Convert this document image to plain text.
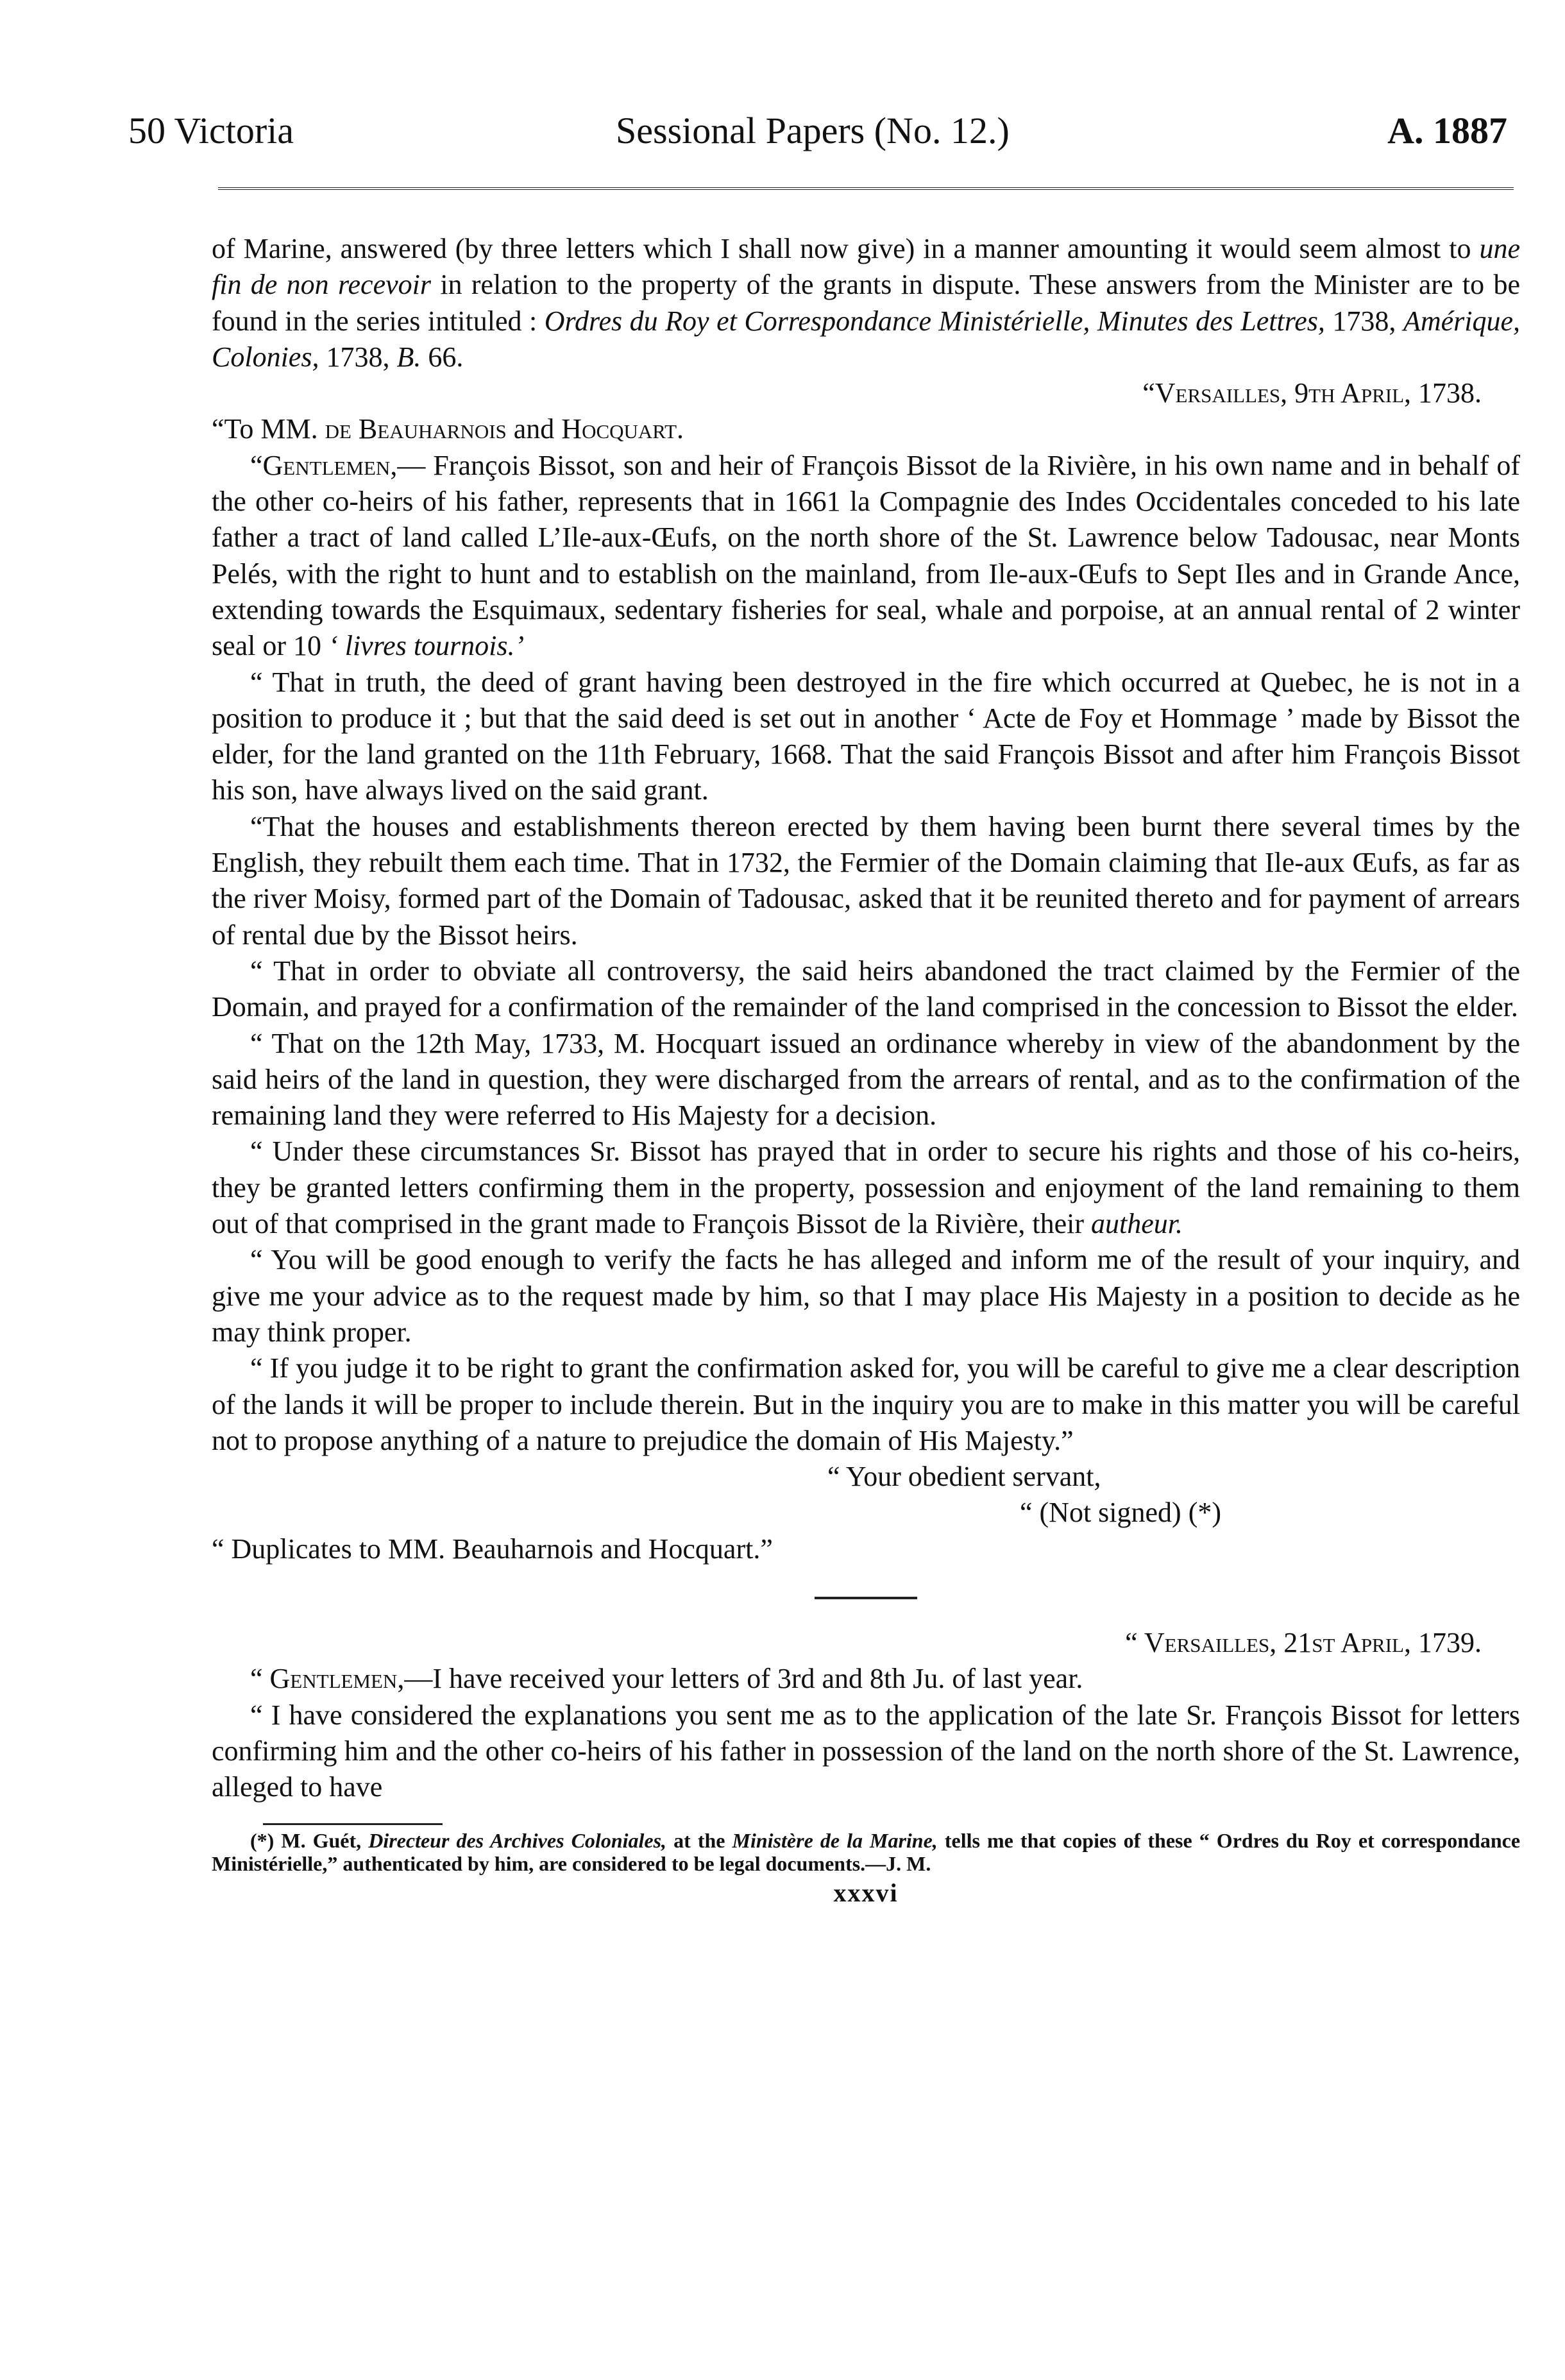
50 Victoria	Sessional Papers (No. 12.)	A. 1887

of Marine, answered (by three letters which I shall now give) in a manner amounting it would seem almost to une fin de non recevoir in relation to the property of the grants in dispute. These answers from the Minister are to be found in the series intituled : Ordres du Roy et Correspondance Ministérielle, Minutes des Lettres, 1738, Amérique, Colonies, 1738, B. 66.

“Versailles, 9th April, 1738.

“To MM. de Beauharnois and Hocquart.

“Gentlemen,— François Bissot, son and heir of François Bissot de la Rivière, in his own name and in behalf of the other co-heirs of his father, represents that in 1661 la Compagnie des Indes Occidentales conceded to his late father a tract of land called L’Ile-aux-Œufs, on the north shore of the St. Lawrence below Tadousac, near Monts Pelés, with the right to hunt and to establish on the mainland, from Ile-aux-Œufs to Sept Iles and in Grande Ance, extending towards the Esquimaux, sedentary fisheries for seal, whale and porpoise, at an annual rental of 2 winter seal or 10 ‘ livres tournois.’

“ That in truth, the deed of grant having been destroyed in the fire which occurred at Quebec, he is not in a position to produce it ; but that the said deed is set out in another ‘ Acte de Foy et Hommage ’ made by Bissot the elder, for the land granted on the 11th February, 1668. That the said François Bissot and after him François Bissot his son, have always lived on the said grant.

“That the houses and establishments thereon erected by them having been burnt there several times by the English, they rebuilt them each time. That in 1732, the Fermier of the Domain claiming that Ile-aux Œufs, as far as the river Moisy, formed part of the Domain of Tadousac, asked that it be reunited thereto and for payment of arrears of rental due by the Bissot heirs.

“ That in order to obviate all controversy, the said heirs abandoned the tract claimed by the Fermier of the Domain, and prayed for a confirmation of the remainder of the land comprised in the concession to Bissot the elder.

“ That on the 12th May, 1733, M. Hocquart issued an ordinance whereby in view of the abandonment by the said heirs of the land in question, they were discharged from the arrears of rental, and as to the confirmation of the remaining land they were referred to His Majesty for a decision.

“ Under these circumstances Sr. Bissot has prayed that in order to secure his rights and those of his co-heirs, they be granted letters confirming them in the property, possession and enjoyment of the land remaining to them out of that comprised in the grant made to François Bissot de la Rivière, their autheur.

“ You will be good enough to verify the facts he has alleged and inform me of the result of your inquiry, and give me your advice as to the request made by him, so that I may place His Majesty in a position to decide as he may think proper.

“ If you judge it to be right to grant the confirmation asked for, you will be careful to give me a clear description of the lands it will be proper to include therein. But in the inquiry you are to make in this matter you will be careful not to propose anything of a nature to prejudice the domain of His Majesty.”

“ Your obedient servant,

“ (Not signed) (*)

“ Duplicates to MM. Beauharnois and Hocquart.”

“ Versailles, 21st April, 1739.

“ Gentlemen,—I have received your letters of 3rd and 8th Ju. of last year.

“ I have considered the explanations you sent me as to the application of the late Sr. François Bissot for letters confirming him and the other co-heirs of his father in possession of the land on the north shore of the St. Lawrence, alleged to have

(*) M. Guét, Directeur des Archives Coloniales, at the Ministère de la Marine, tells me that copies of these “ Ordres du Roy et correspondance Ministérielle,” authenticated by him, are considered to be legal documents.—J. M.

xxxvi
